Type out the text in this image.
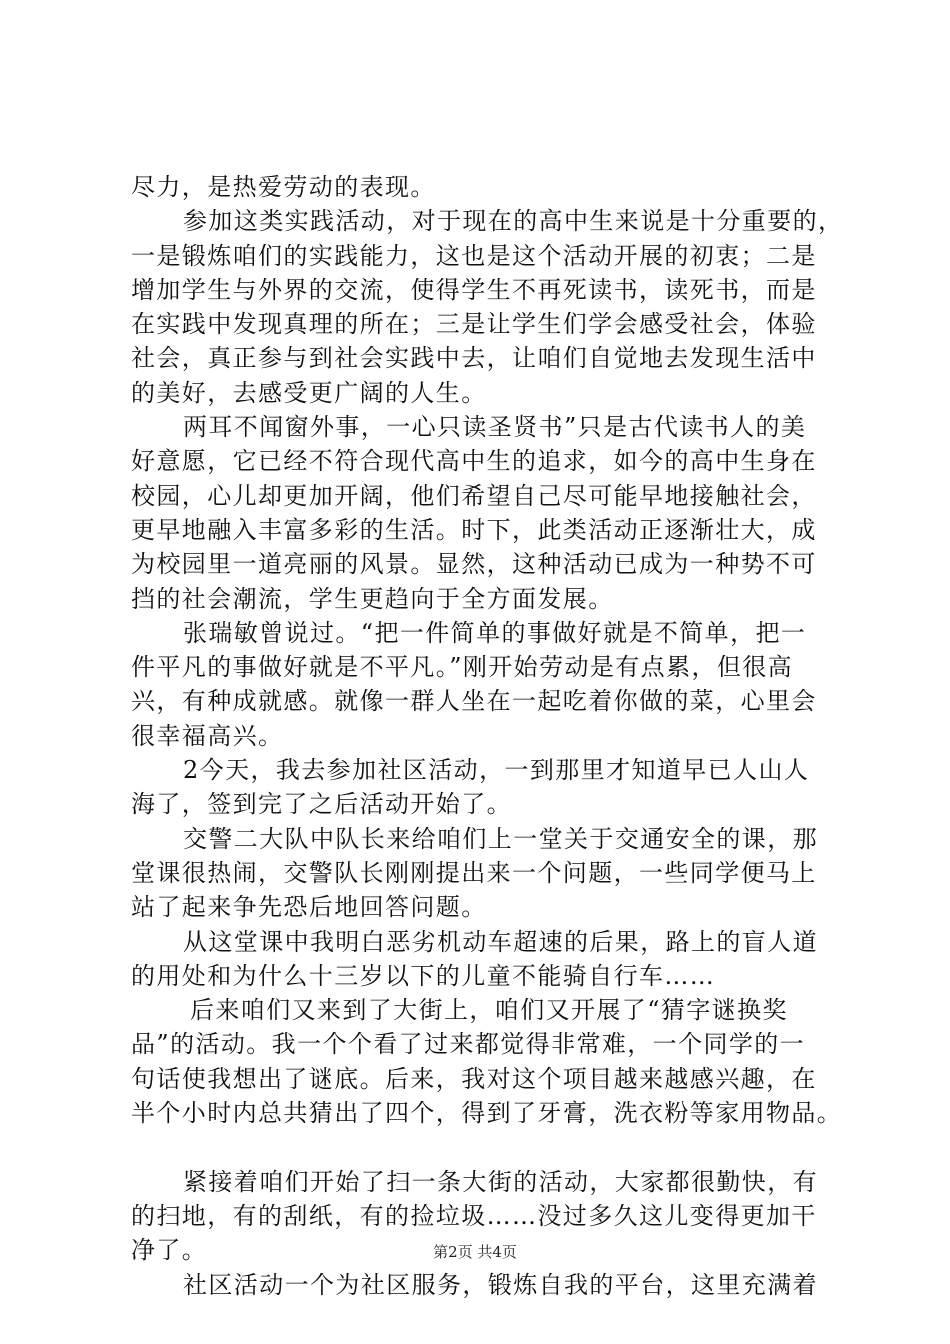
尽力，是热爱劳动的表现。
参加这类实践活动，对于现在的高中生来说是十分重要的，
一是锻炼咱们的实践能力，这也是这个活动开展的初衷；二是
增加学生与外界的交流，使得学生不再死读书，读死书，而是
在实践中发现真理的所在；三是让学生们学会感受社会，体验
社会，真正参与到社会实践中去，让咱们自觉地去发现生活中
的美好，去感受更广阔的人生。
两耳不闻窗外事，一心只读圣贤书”只是古代读书人的美
好意愿，它已经不符合现代高中生的追求，如今的高中生身在
校园，心儿却更加开阔，他们希望自己尽可能早地接触社会，
更早地融入丰富多彩的生活。时下，此类活动正逐渐壮大，成
为校园里一道亮丽的风景。显然，这种活动已成为一种势不可
挡的社会潮流，学生更趋向于全方面发展。
张瑞敏曾说过。“把一件简单的事做好就是不简单，把一
件平凡的事做好就是不平凡。”刚开始劳动是有点累，但很高
兴，有种成就感。就像一群人坐在一起吃着你做的菜，心里会
很幸福高兴。
2今天，我去参加社区活动，一到那里才知道早已人山人
海了，签到完了之后活动开始了。
交警二大队中队长来给咱们上一堂关于交通安全的课，那
堂课很热闹，交警队长刚刚提出来一个问题，一些同学便马上
站了起来争先恐后地回答问题。
从这堂课中我明白恶劣机动车超速的后果，路上的盲人道
的用处和为什么十三岁以下的儿童不能骑自行车……
后来咱们又来到了大街上，咱们又开展了“猜字谜换奖
品”的活动。我一个个看了过来都觉得非常难，一个同学的一
句话使我想出了谜底。后来，我对这个项目越来越感兴趣，在
半个小时内总共猜出了四个，得到了牙膏，洗衣粉等家用物品。
紧接着咱们开始了扫一条大街的活动，大家都很勤快，有
的扫地，有的刮纸，有的捡垃圾……没过多久这儿变得更加干
净了。
社区活动一个为社区服务，锻炼自我的平台，这里充满着
第2页 共4页
